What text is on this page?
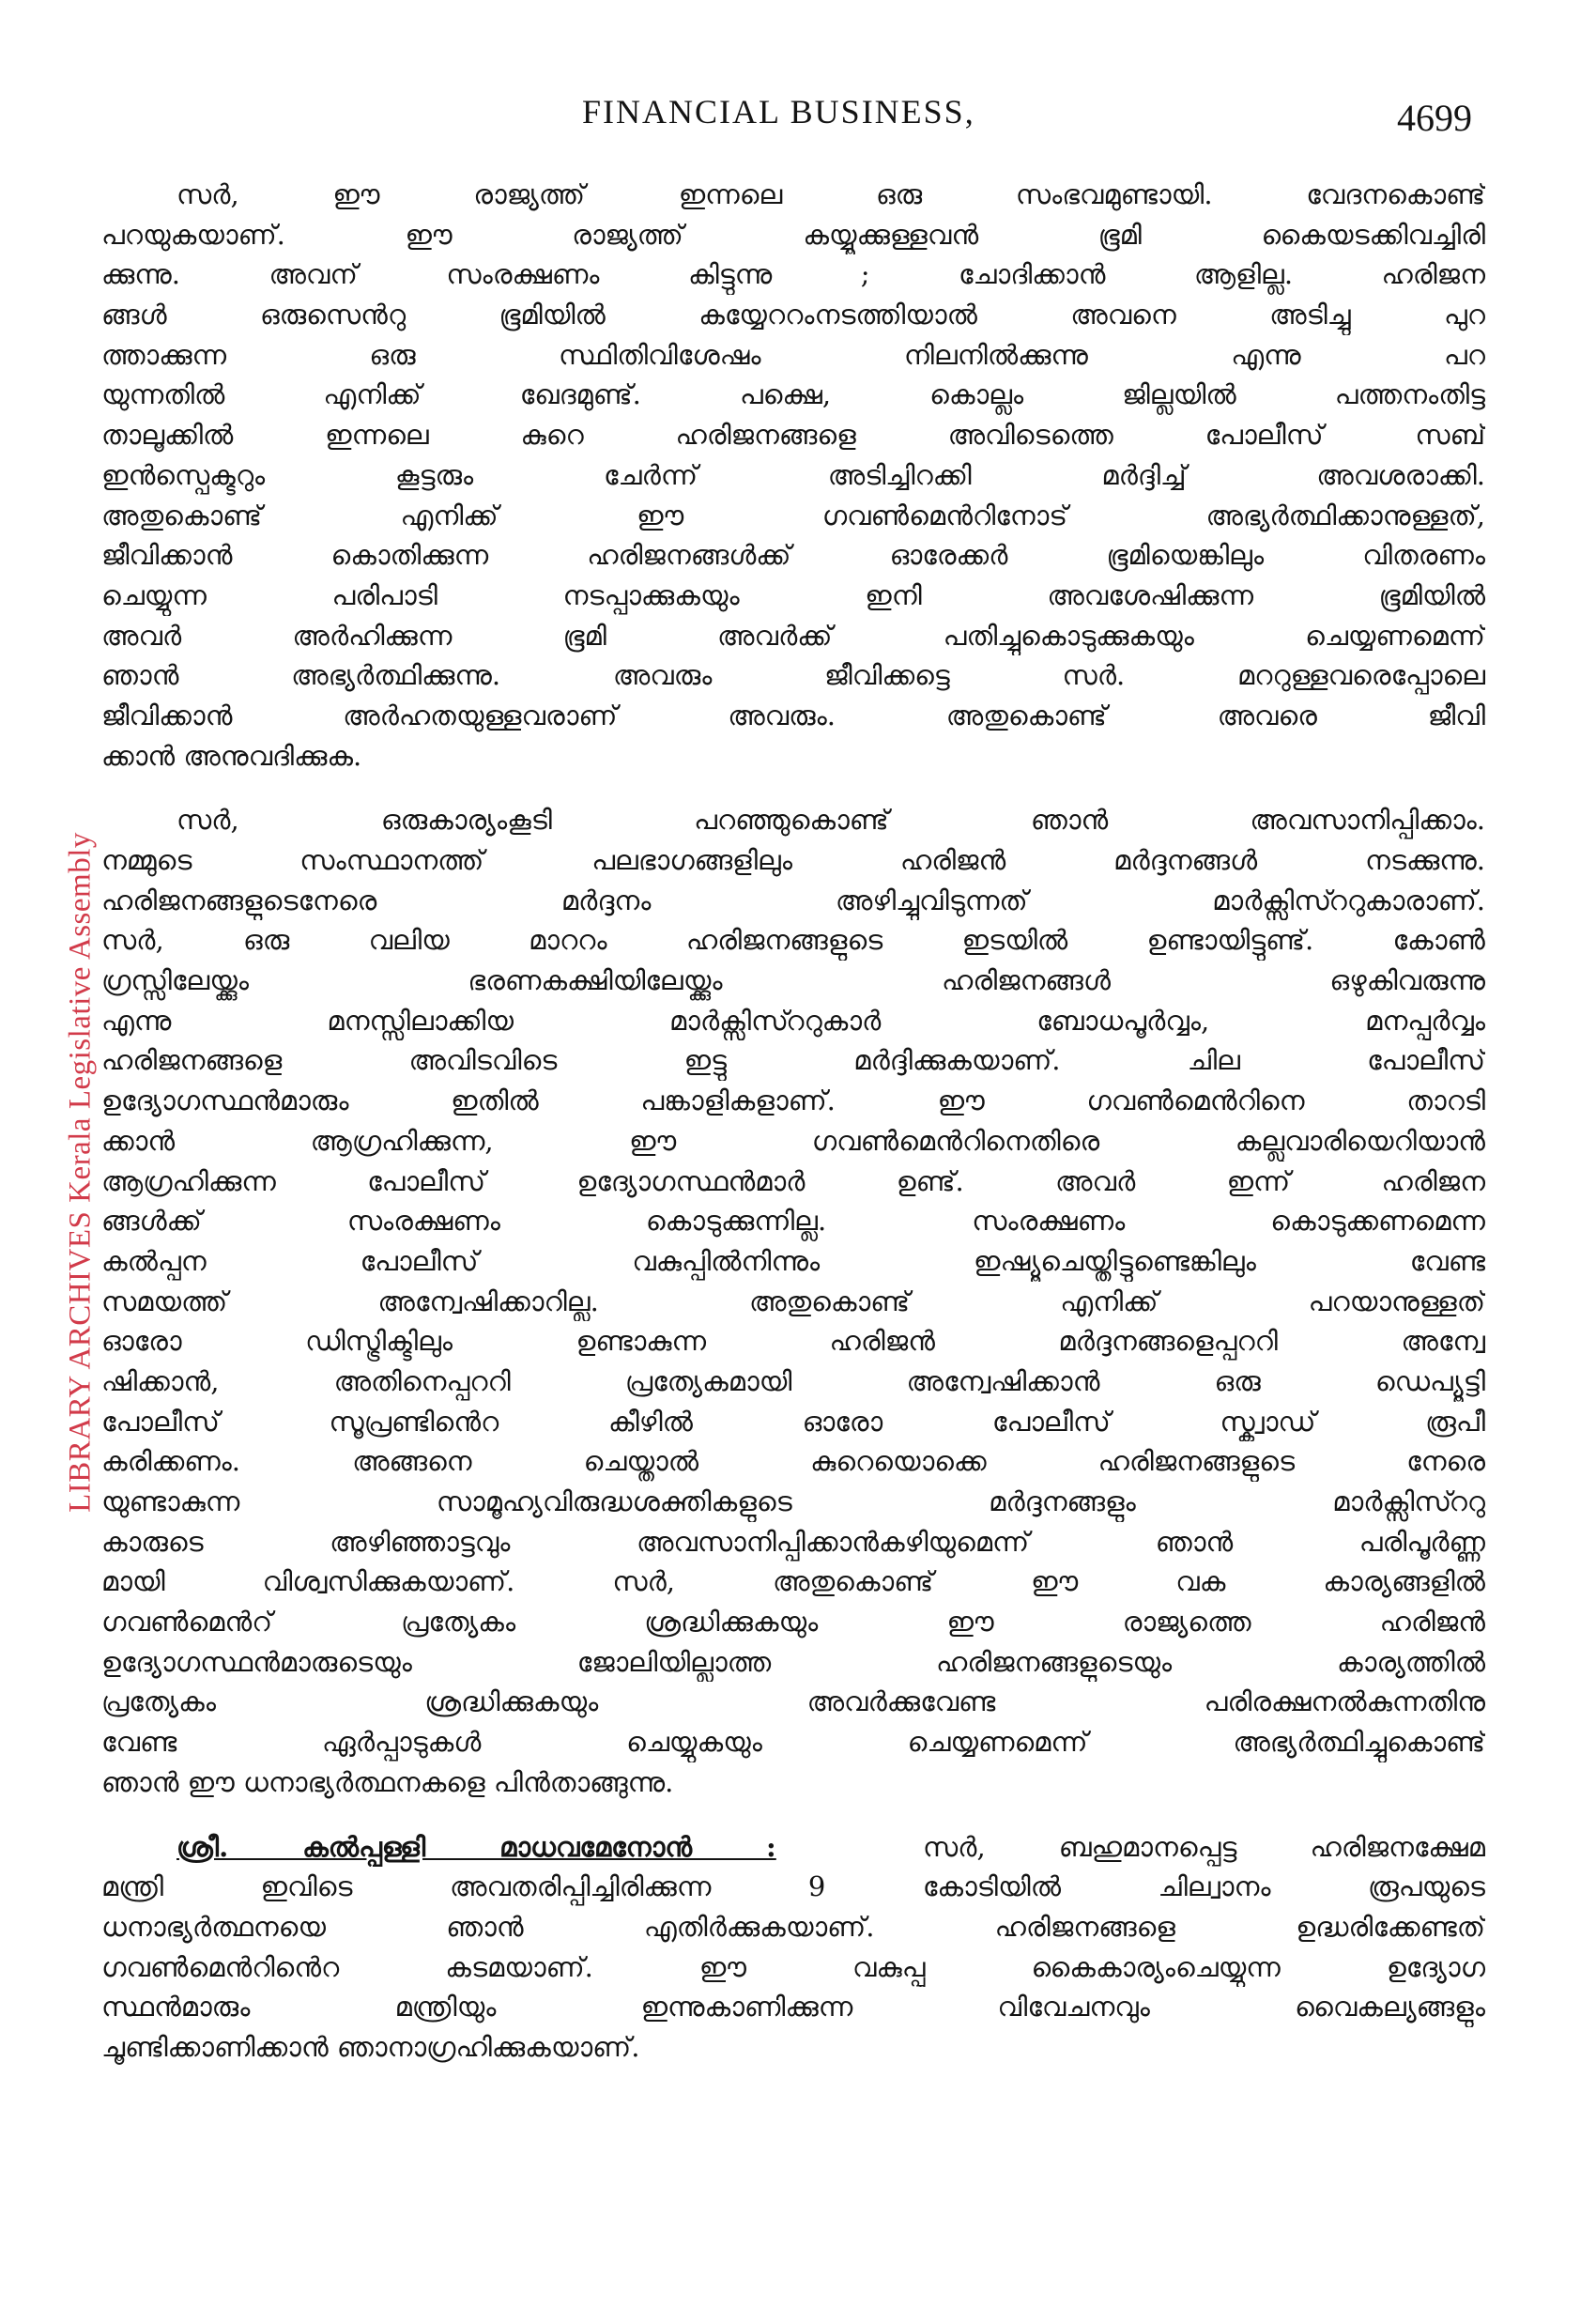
FINANCIAL BUSINESS,	4699
LIBRARY ARCHIVES Kerala Legislative Assembly
സർ, ഈ രാജ്യത്ത് ഇന്നലെ ഒരു സംഭവമുണ്ടായി. വേദനകൊണ്ട്
പറയുകയാണ്. ഈ രാജ്യത്ത് കയ്യൂക്കുള്ളവൻ ഭൂമി കൈയടക്കിവച്ചിരി
ക്കുന്നു. അവന് സംരക്ഷണം കിട്ടുന്നു ; ചോദിക്കാൻ ആളില്ല. ഹരിജന
ങ്ങൾ ഒരുസെൻറു ഭൂമിയിൽ കയ്യേററംനടത്തിയാൽ അവനെ അടിച്ചു പുറ
ത്താക്കുന്ന ഒരു സ്ഥിതിവിശേഷം നിലനിൽക്കുന്നു എന്നു പറ
യുന്നതിൽ എനിക്ക് ഖേദമുണ്ട്. പക്ഷെ, കൊല്ലം ജില്ലയിൽ പത്തനംതിട്ട
താലൂക്കിൽ ഇന്നലെ കുറെ ഹരിജനങ്ങളെ അവിടെത്തെ പോലീസ് സബ്
ഇൻസ്പെക്ടറും കൂട്ടരും ചേർന്ന് അടിച്ചിറക്കി മർദ്ദിച്ച് അവശരാക്കി.
അതുകൊണ്ട് എനിക്ക് ഈ ഗവൺമെൻറിനോട് അഭ്യർത്ഥിക്കാനുള്ളത്,
ജീവിക്കാൻ കൊതിക്കുന്ന ഹരിജനങ്ങൾക്ക് ഓരേക്കർ ഭൂമിയെങ്കിലും വിതരണം
ചെയ്യുന്ന പരിപാടി നടപ്പാക്കുകയും ഇനി അവശേഷിക്കുന്ന ഭൂമിയിൽ
അവർ അർഹിക്കുന്ന ഭൂമി അവർക്ക് പതിച്ചുകൊടുക്കുകയും ചെയ്യണമെന്ന്
ഞാൻ അഭ്യർത്ഥിക്കുന്നു. അവരും ജീവിക്കട്ടെ സർ. മററുള്ളവരെപ്പോലെ
ജീവിക്കാൻ അർഹതയുള്ളവരാണ് അവരും. അതുകൊണ്ട് അവരെ ജീവി
ക്കാൻ അനുവദിക്കുക.
സർ, ഒരുകാര്യംകൂടി പറഞ്ഞുകൊണ്ട് ഞാൻ അവസാനിപ്പിക്കാം.
നമ്മുടെ സംസ്ഥാനത്ത് പലഭാഗങ്ങളിലും ഹരിജൻ മർദ്ദനങ്ങൾ നടക്കുന്നു.
ഹരിജനങ്ങളുടെനേരെ മർദ്ദനം അഴിച്ചുവിടുന്നത് മാർക്സിസ്ററുകാരാണ്.
സർ, ഒരു വലിയ മാററം ഹരിജനങ്ങളുടെ ഇടയിൽ ഉണ്ടായിട്ടുണ്ട്. കോൺ
ഗ്രസ്സിലേയ്ക്കും ഭരണകക്ഷിയിലേയ്ക്കും ഹരിജനങ്ങൾ ഒഴുകിവരുന്നു
എന്നു മനസ്സിലാക്കിയ മാർക്സിസ്ററുകാർ ബോധപൂർവ്വം, മനപ്പൂർവ്വം
ഹരിജനങ്ങളെ അവിടവിടെ ഇട്ടു മർദ്ദിക്കുകയാണ്. ചില പോലീസ്
ഉദ്യോഗസ്ഥൻമാരും ഇതിൽ പങ്കാളികളാണ്. ഈ ഗവൺമെൻറിനെ താറടി
ക്കാൻ ആഗ്രഹിക്കുന്ന, ഈ ഗവൺമെൻറിനെതിരെ കല്ലുവാരിയെറിയാൻ
ആഗ്രഹിക്കുന്ന പോലീസ് ഉദ്യോഗസ്ഥൻമാർ ഉണ്ട്. അവർ ഇന്ന് ഹരിജന
ങ്ങൾക്ക് സംരക്ഷണം കൊടുക്കുന്നില്ല. സംരക്ഷണം കൊടുക്കണമെന്ന
കൽപ്പന പോലീസ് വകുപ്പിൽനിന്നും ഇഷ്യൂചെയ്തിട്ടുണ്ടെങ്കിലും വേണ്ട
സമയത്ത് അന്വേഷിക്കാറില്ല. അതുകൊണ്ട് എനിക്ക് പറയാനുള്ളത്
ഓരോ ഡിസ്ട്രിക്ടിലും ഉണ്ടാകുന്ന ഹരിജൻ മർദ്ദനങ്ങളെപ്പററി അന്വേ
ഷിക്കാൻ, അതിനെപ്പററി പ്രത്യേകമായി അന്വേഷിക്കാൻ ഒരു ഡെപ്യൂട്ടി
പോലീസ് സൂപ്രണ്ടിൻെറ കീഴിൽ ഓരോ പോലീസ് സ്ക്വാഡ് രൂപീ
കരിക്കണം. അങ്ങനെ ചെയ്താൽ കുറെയൊക്കെ ഹരിജനങ്ങളുടെ നേരെ
യുണ്ടാകുന്ന സാമൂഹ്യവിരുദ്ധശക്തികളുടെ മർദ്ദനങ്ങളും മാർക്സിസ്ററു
കാരുടെ അഴിഞ്ഞാട്ടവും അവസാനിപ്പിക്കാൻകഴിയുമെന്ന് ഞാൻ പരിപൂർണ്ണ
മായി വിശ്വസിക്കുകയാണ്. സർ, അതുകൊണ്ട് ഈ വക കാര്യങ്ങളിൽ
ഗവൺമെൻറ് പ്രത്യേകം ശ്രദ്ധിക്കുകയും ഈ രാജ്യത്തെ ഹരിജൻ
ഉദ്യോഗസ്ഥൻമാരുടെയും ജോലിയില്ലാത്ത ഹരിജനങ്ങളുടെയും കാര്യത്തിൽ
പ്രത്യേകം ശ്രദ്ധിക്കുകയും അവർക്കുവേണ്ട പരിരക്ഷനൽകുന്നതിനു
വേണ്ട ഏർപ്പാടുകൾ ചെയ്യുകയും ചെയ്യണമെന്ന് അഭ്യർത്ഥിച്ചുകൊണ്ട്
ഞാൻ ഈ ധനാഭ്യർത്ഥനകളെ പിൻതാങ്ങുന്നു.
ശ്രീ. കൽപ്പള്ളി മാധവമേനോൻ :	സർ, ബഹുമാനപ്പെട്ട ഹരിജനക്ഷേമ
മന്ത്രി ഇവിടെ അവതരിപ്പിച്ചിരിക്കുന്ന 9 കോടിയിൽ ചില്വാനം രൂപയുടെ
ധനാഭ്യർത്ഥനയെ ഞാൻ എതിർക്കുകയാണ്. ഹരിജനങ്ങളെ ഉദ്ധരിക്കേണ്ടത്
ഗവൺമെൻറിൻെറ കടമയാണ്. ഈ വകുപ്പു കൈകാര്യംചെയ്യുന്ന ഉദ്യോഗ
സ്ഥൻമാരും മന്ത്രിയും ഇന്നുകാണിക്കുന്ന വിവേചനവും വൈകല്യങ്ങളും
ചൂണ്ടിക്കാണിക്കാൻ ഞാനാഗ്രഹിക്കുകയാണ്.
